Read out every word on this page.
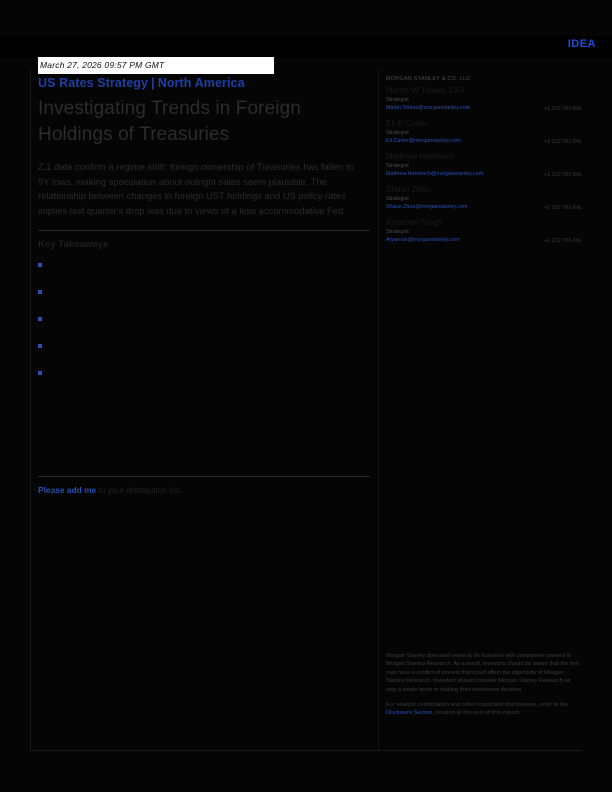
IDEA
March 27, 2026 09:57 PM GMT
US Rates Strategy | North America
Investigating Trends in Foreign Holdings of Treasuries

Z.1 data confirm a regime shift: foreign ownership of Treasuries has fallen to 9Y lows, making speculation about outright sales seem plausible. The relationship between changes in foreign UST holdings and US policy rates implies last quarter's drop was due to views of a less accommodative Fed.

Key Takeaways
Please add me to your distribution list.
MORGAN STANLEY & CO. LLC
Martin W Tobias, CFA
Strategist
Martin.Tobias@morganstanley.com	+1 212 761-6ńŁ
Eli P Carter
Strategist
Eli.Carter@morganstanley.com	+1 212 761-6ńŁ
Matthew Hornbach
Strategist
Matthew.Hornbach@morganstanley.com	+1 212 761-6ńŁ
Shaun Zhou
Strategist
Shaun.Zhou@morganstanley.com	+1 212 761-6ńŁ
Aryaman Singh
Strategist
Aryaman@morganstanley.com	+1 212 761-6ńŁ

Morgan Stanley does and seeks to do business with companies covered in Morgan Stanley Research. As a result, investors should be aware that the firm may have a conflict of interest that could affect the objectivity of Morgan Stanley Research. Investors should consider Morgan Stanley Research as only a single factor in making their investment decision.

For analyst certification and other important disclosures, refer to the Disclosure Section, located at the end of this report.
